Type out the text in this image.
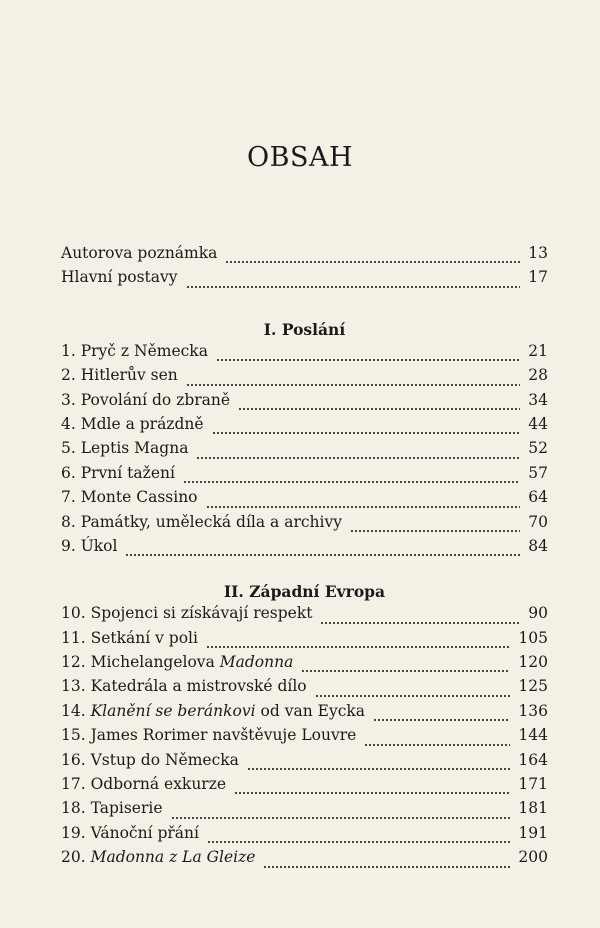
OBSAH
Autorova poznámka	13
Hlavní postavy	17
I. Poslání
1. Pryč z Německa	21
2. Hitlerův sen	28
3. Povolání do zbraně	34
4. Mdle a prázdně	44
5. Leptis Magna	52
6. První tažení	57
7. Monte Cassino	64
8. Památky, umělecká díla a archivy	70
9. Úkol	84
II. Západní Evropa
10. Spojenci si získávají respekt	90
11. Setkání v poli	105
12. Michelangelova Madonna	120
13. Katedrála a mistrovské dílo	125
14. Klanění se beránkovi od van Eycka	136
15. James Rorimer navštěvuje Louvre	144
16. Vstup do Německa	164
17. Odborná exkurze	171
18. Tapiserie	181
19. Vánoční přání	191
20. Madonna z La Gleize	200
